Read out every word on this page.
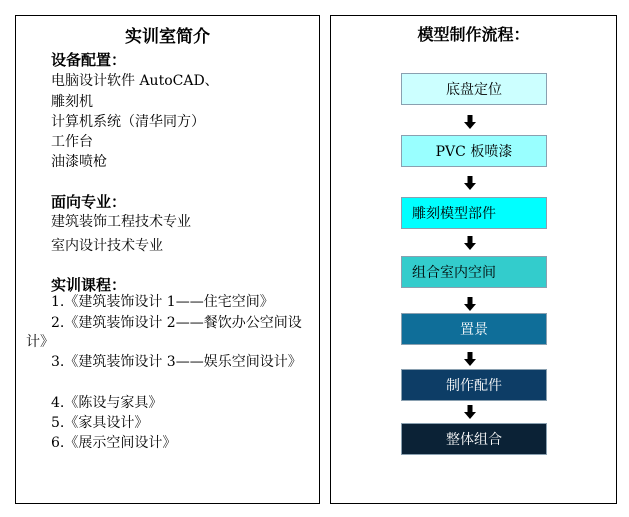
实训室简介
设备配置：
电脑设计软件 AutoCAD、
雕刻机
计算机系统（清华同方）
工作台
油漆喷枪
面向专业：
建筑装饰工程技术专业
室内设计技术专业
实训课程：
1.《建筑装饰设计 1——住宅空间》
2.《建筑装饰设计 2——餐饮办公空间设计》
3.《建筑装饰设计 3——娱乐空间设计》
4.《陈设与家具》
5.《家具设计》
6.《展示空间设计》
模型制作流程：
底盘定位
PVC 板喷漆
雕刻模型部件
组合室内空间
置景
制作配件
整体组合
